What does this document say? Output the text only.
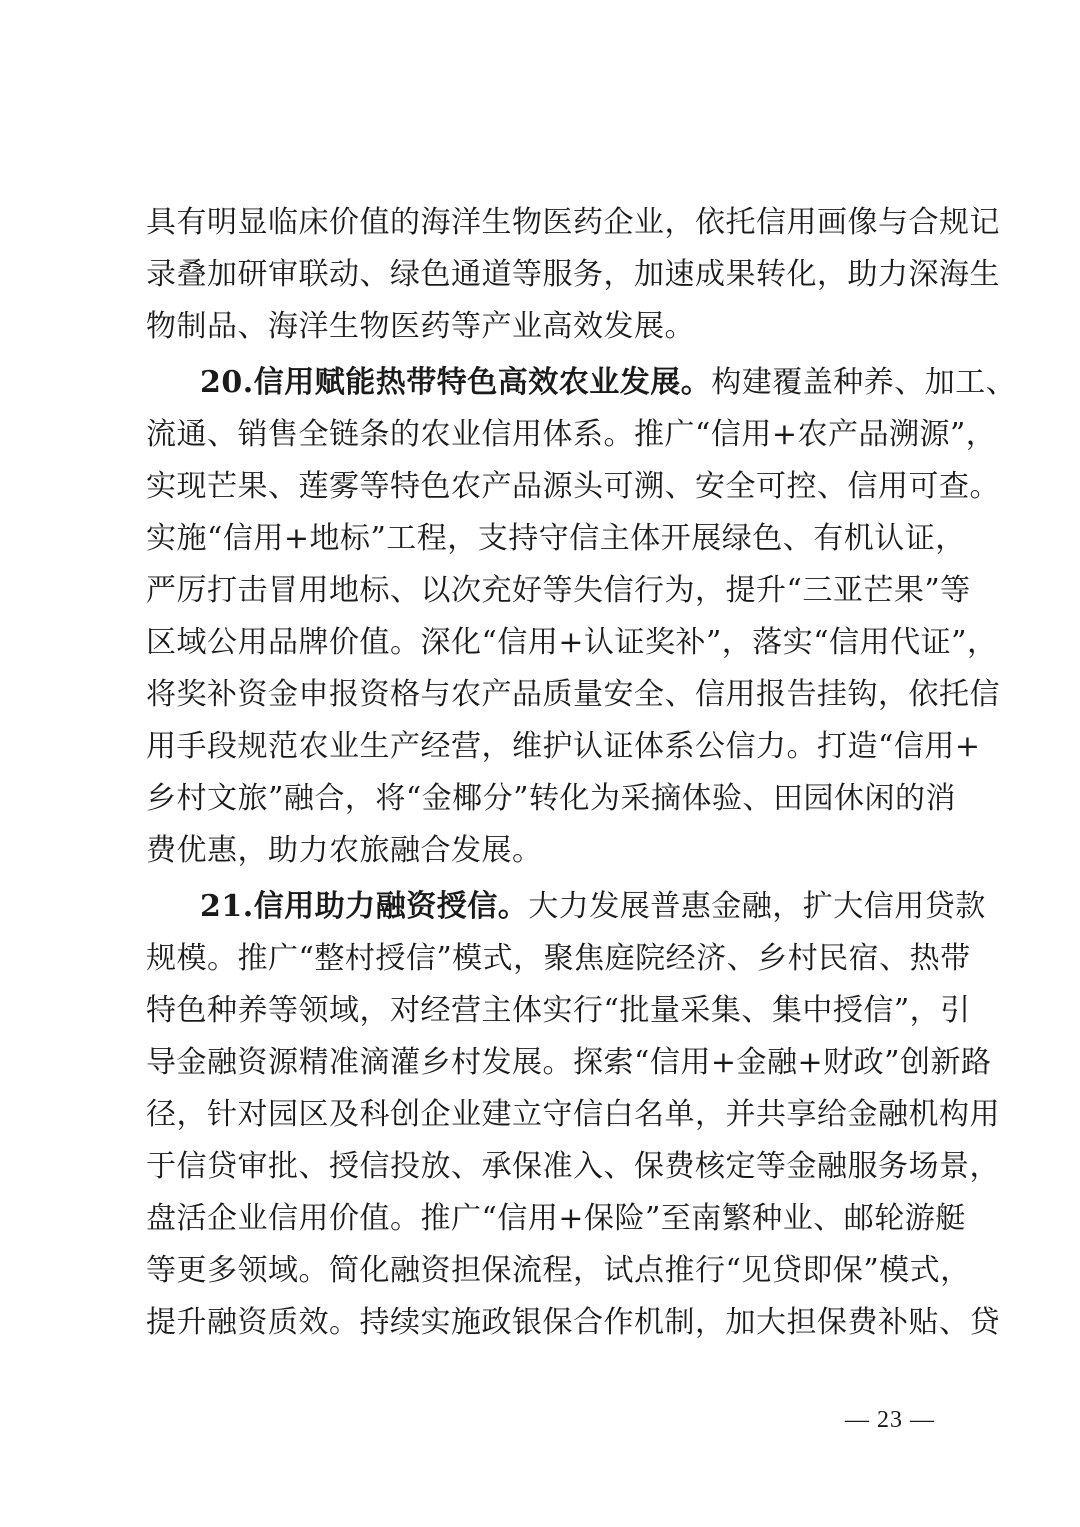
具有明显临床价值的海洋生物医药企业，依托信用画像与合规记
录叠加研审联动、绿色通道等服务，加速成果转化，助力深海生
物制品、海洋生物医药等产业高效发展。
20.信用赋能热带特色高效农业发展。构建覆盖种养、加工、
流通、销售全链条的农业信用体系。推广“信用+农产品溯源”，
实现芒果、莲雾等特色农产品源头可溯、安全可控、信用可查。
实施“信用+地标”工程，支持守信主体开展绿色、有机认证，
严厉打击冒用地标、以次充好等失信行为，提升“三亚芒果”等
区域公用品牌价值。深化“信用+认证奖补”，落实“信用代证”，
将奖补资金申报资格与农产品质量安全、信用报告挂钩，依托信
用手段规范农业生产经营，维护认证体系公信力。打造“信用+
乡村文旅”融合，将“金椰分”转化为采摘体验、田园休闲的消
费优惠，助力农旅融合发展。
21.信用助力融资授信。大力发展普惠金融，扩大信用贷款
规模。推广“整村授信”模式，聚焦庭院经济、乡村民宿、热带
特色种养等领域，对经营主体实行“批量采集、集中授信”，引
导金融资源精准滴灌乡村发展。探索“信用+金融+财政”创新路
径，针对园区及科创企业建立守信白名单，并共享给金融机构用
于信贷审批、授信投放、承保准入、保费核定等金融服务场景，
盘活企业信用价值。推广“信用+保险”至南繁种业、邮轮游艇
等更多领域。简化融资担保流程，试点推行“见贷即保”模式，
提升融资质效。持续实施政银保合作机制，加大担保费补贴、贷
— 23 —
